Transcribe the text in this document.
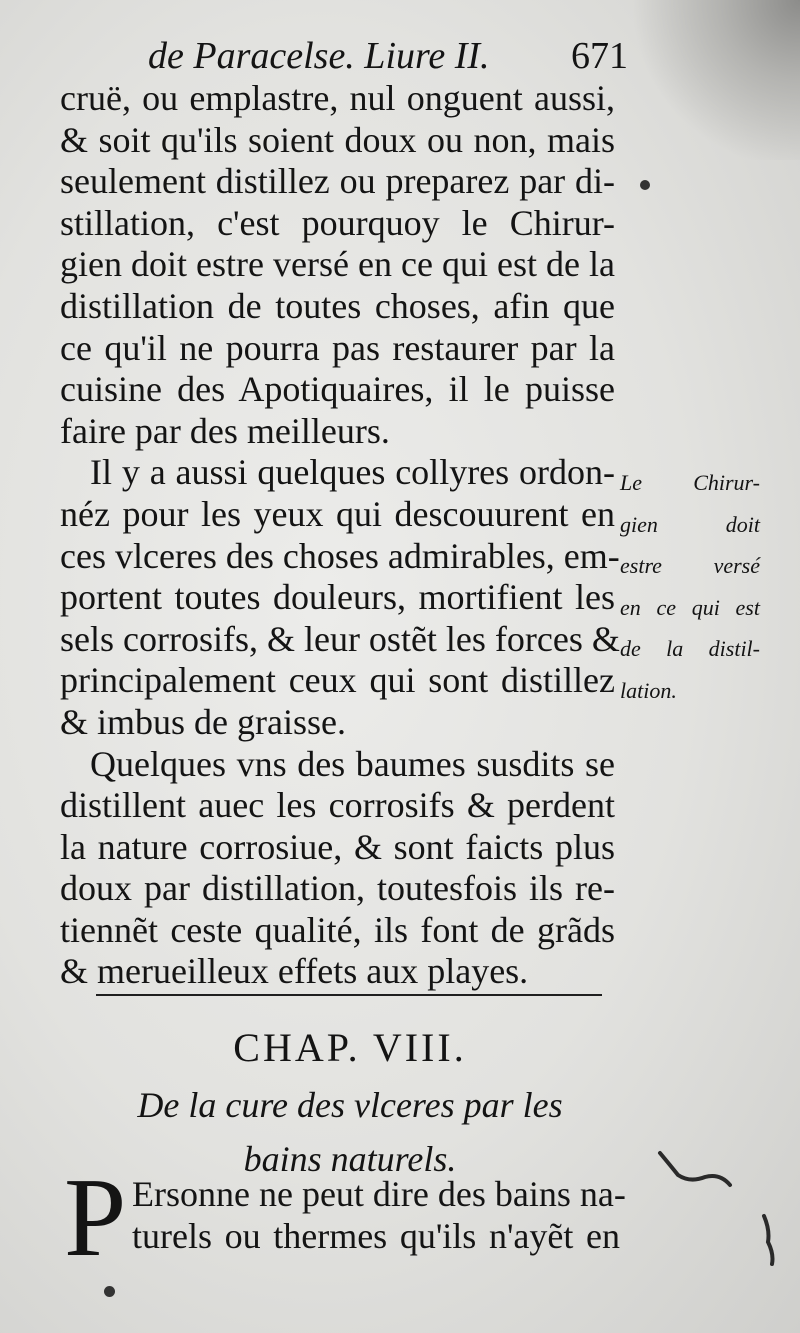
de Paracelse. Liure II. 671
cruë, ou emplastre, nul onguent aussi,
& soit qu'ils soient doux ou non, mais
seulement distillez ou preparez par di-
stillation, c'est pourquoy le Chirur-
gien doit estre versé en ce qui est de la
distillation de toutes choses, afin que
ce qu'il ne pourra pas restaurer par la
cuisine des Apotiquaires, il le puisse
faire par des meilleurs.
Il y a aussi quelques collyres ordon-
néz pour les yeux qui descouurent en
ces vlceres des choses admirables, em-
portent toutes douleurs, mortifient les
sels corrosifs, & leur ostẽt les forces &
principalement ceux qui sont distillez
& imbus de graisse.
Quelques vns des baumes susdits se
distillent auec les corrosifs & perdent
la nature corrosiue, & sont faicts plus
doux par distillation, toutesfois ils re-
tiennẽt ceste qualité, ils font de grãds
& merueilleux effets aux playes.
Le Chirur-
gien doit
estre versé
en ce qui est
de la distil-
lation.
CHAP. VIII.
De la cure des vlceres par les
bains naturels.
P Ersonne ne peut dire des bains na-
turels ou thermes qu'ils n'ayẽt en
